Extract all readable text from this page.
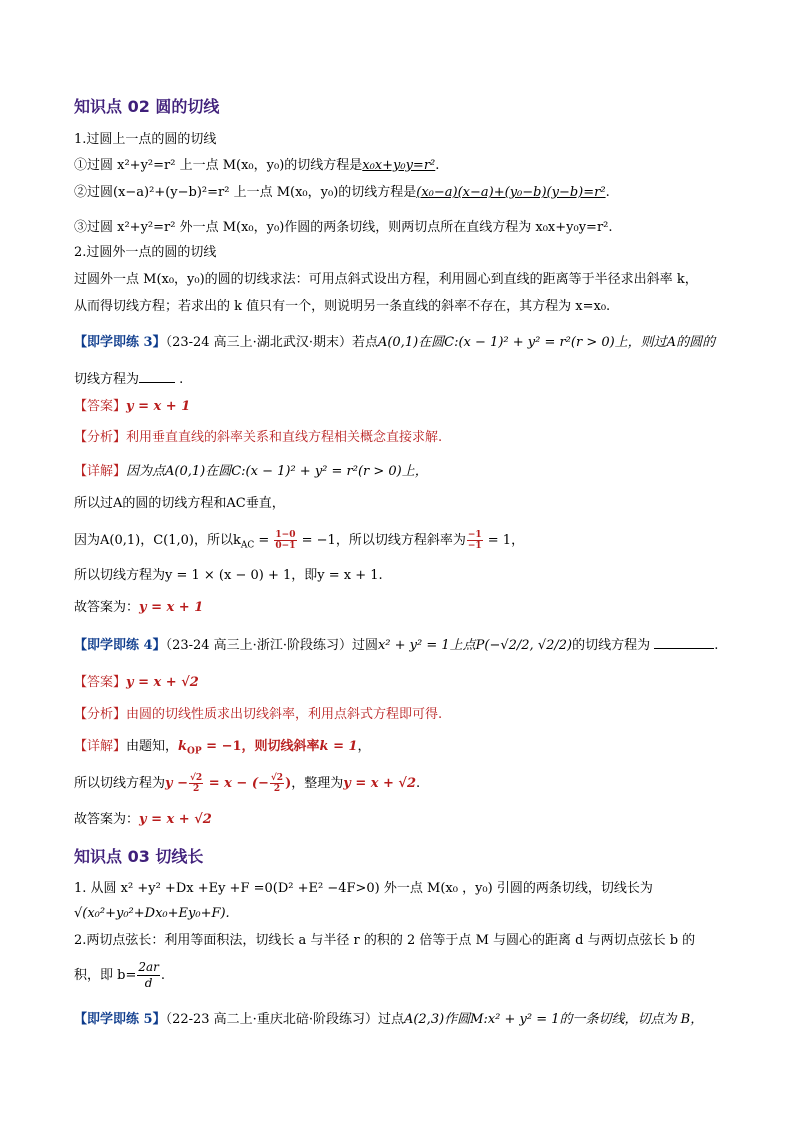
知识点 02 圆的切线
1.过圆上一点的圆的切线
①过圆 x²+y²=r² 上一点 M(x₀，y₀)的切线方程是x₀x+y₀y=r².
②过圆(x−a)²+(y−b)²=r² 上一点 M(x₀，y₀)的切线方程是(x₀−a)(x−a)+(y₀−b)(y−b)=r².
③过圆 x²+y²=r² 外一点 M(x₀，y₀)作圆的两条切线，则两切点所在直线方程为 x₀x+y₀y=r².
2.过圆外一点的圆的切线
过圆外一点 M(x₀，y₀)的圆的切线求法：可用点斜式设出方程，利用圆心到直线的距离等于半径求出斜率 k，
从而得切线方程；若求出的 k 值只有一个，则说明另一条直线的斜率不存在，其方程为 x=x₀.
【即学即练 3】（23-24 高三上·湖北武汉·期末）若点A(0,1)在圆C:(x − 1)² + y² = r²(r > 0)上，则过A的圆的
切线方程为	.
【答案】y = x + 1
【分析】利用垂直直线的斜率关系和直线方程相关概念直接求解.
【详解】因为点A(0,1)在圆C:(x − 1)² + y² = r²(r > 0)上，
所以过A的圆的切线方程和AC垂直，
因为A(0,1)，C(1,0)，所以$k_{AC} = \frac{1-0}{0-1} = -1$，所以切线方程斜率为 $\frac{-1}{-1} = 1$，
所以切线方程为y = 1 × (x − 0) + 1，即y = x + 1.
故答案为：y = x + 1
【即学即练 4】（23-24 高三上·浙江·阶段练习）过圆x² + y² = 1上点P(−√2/2, √2/2)的切线方程为	.
【答案】y = x + √2
【分析】由圆的切线性质求出切线斜率，利用点斜式方程即可得.
【详解】由题知，$k_{OP} = -1$，则切线斜率k = 1，
所以切线方程为$y - \frac{√2}{2} = x$ − (− $\frac{√2}{2}$ )，整理为y = x + √2.
故答案为：y = x + √2
知识点 03 切线长
1. 从圆 x² +y² +Dx +Ey +F =0(D² +E² −4F>0) 外一点 M(x₀ ，y₀) 引圆的两条切线，切线长为
√(x₀²+y₀²+Dx₀+Ey₀+F).
2.两切点弦长：利用等面积法，切线长 a 与半径 r 的积的 2 倍等于点 M 与圆心的距离 d 与两切点弦长 b 的
积，即 $b= \frac{2ar}{d}$ .
【即学即练 5】（22-23 高二上·重庆北碚·阶段练习）过点A(2,3)作圆M:x² + y² = 1的一条切线，切点为 B，
